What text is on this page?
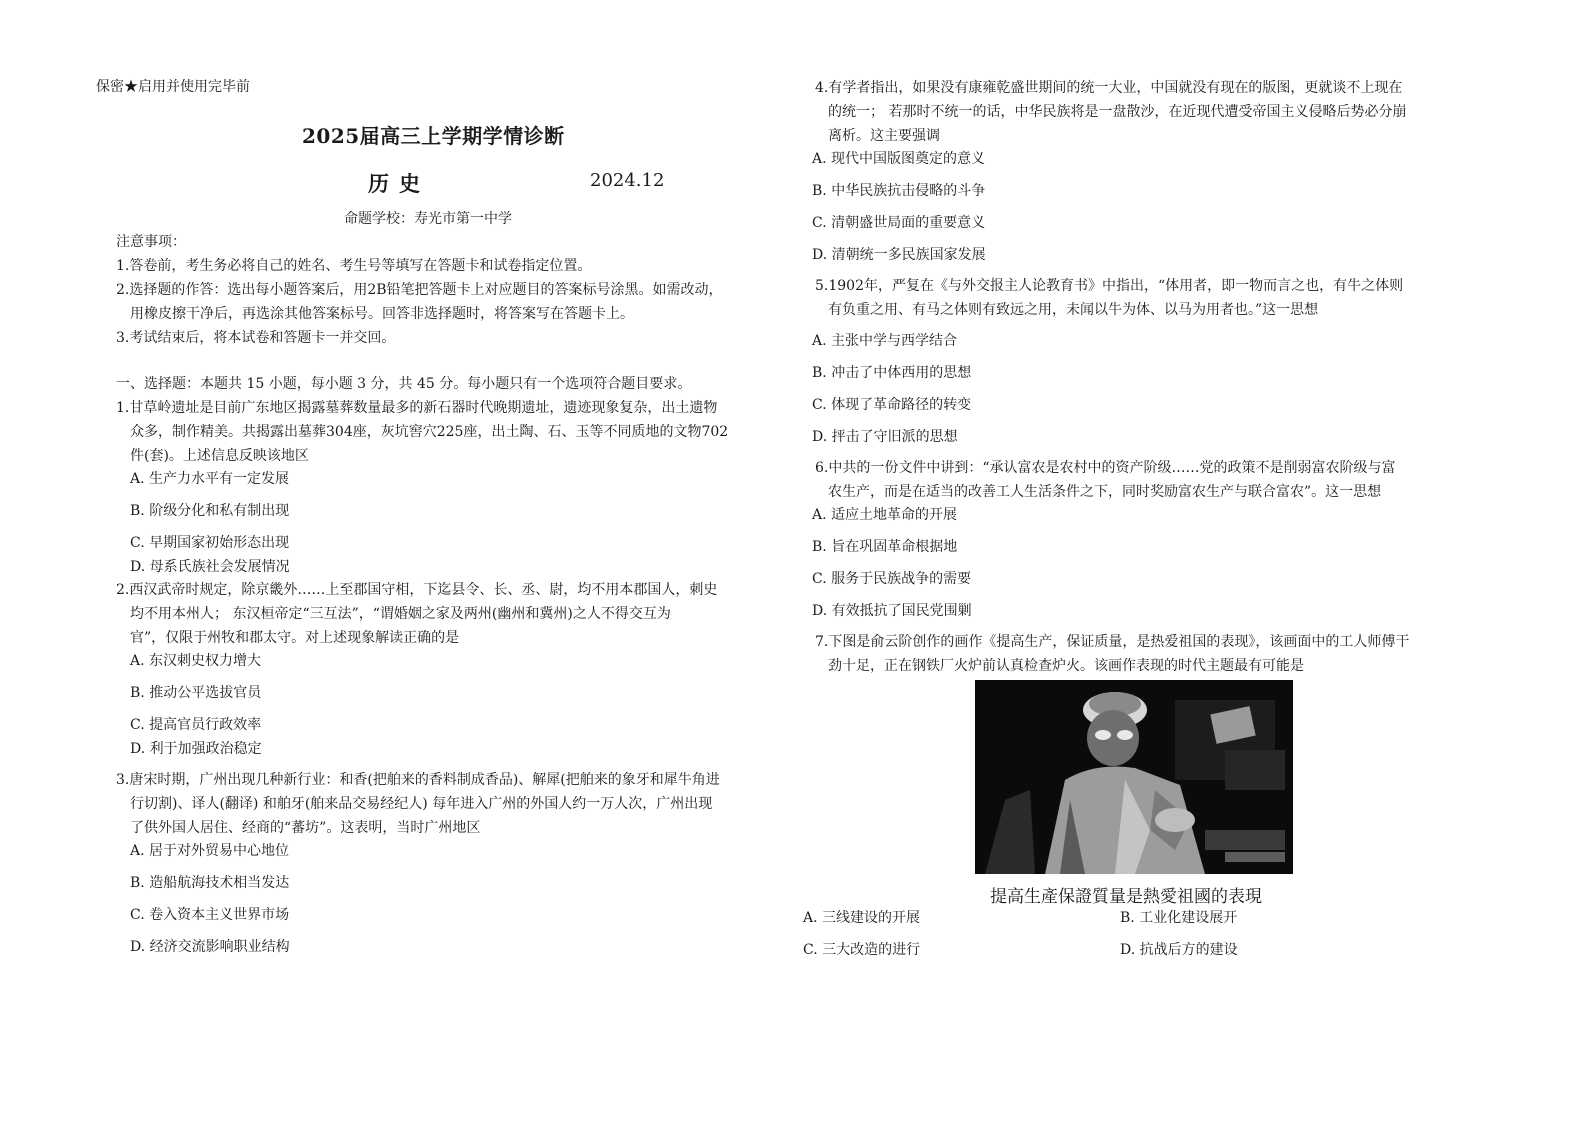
保密★启用并使用完毕前
2025届高三上学期学情诊断
历史	2024.12
命题学校：寿光市第一中学
注意事项：
1.答卷前，考生务必将自己的姓名、考生号等填写在答题卡和试卷指定位置。
2.选择题的作答：选出每小题答案后，用2B铅笔把答题卡上对应题目的答案标号涂黑。如需改动，
用橡皮擦干净后，再选涂其他答案标号。回答非选择题时，将答案写在答题卡上。
3.考试结束后，将本试卷和答题卡一并交回。
一、选择题：本题共 15 小题，每小题 3 分，共 45 分。每小题只有一个选项符合题目要求。
1.甘草岭遗址是目前广东地区揭露墓葬数量最多的新石器时代晚期遗址，遗迹现象复杂，出土遗物
众多，制作精美。共揭露出墓葬304座，灰坑窖穴225座，出土陶、石、玉等不同质地的文物702
件(套)。上述信息反映该地区
A. 生产力水平有一定发展
B. 阶级分化和私有制出现
C. 早期国家初始形态出现
D. 母系氏族社会发展情况
2.西汉武帝时规定，除京畿外……上至郡国守相，下迄县令、长、丞、尉，均不用本郡国人，刺史
均不用本州人； 东汉桓帝定“三互法”，“谓婚姻之家及两州(幽州和冀州)之人不得交互为
官”，仅限于州牧和郡太守。对上述现象解读正确的是
A. 东汉刺史权力增大
B. 推动公平选拔官员
C. 提高官员行政效率
D. 利于加强政治稳定
3.唐宋时期，广州出现几种新行业：和香(把舶来的香料制成香品)、解犀(把舶来的象牙和犀牛角进
行切割)、译人(翻译) 和舶牙(舶来品交易经纪人) 每年进入广州的外国人约一万人次，广州出现
了供外国人居住、经商的“蕃坊”。这表明，当时广州地区
A. 居于对外贸易中心地位
B. 造船航海技术相当发达
C. 卷入资本主义世界市场
D. 经济交流影响职业结构
4.有学者指出，如果没有康雍乾盛世期间的统一大业，中国就没有现在的版图，更就谈不上现在
的统一； 若那时不统一的话，中华民族将是一盘散沙，在近现代遭受帝国主义侵略后势必分崩
离析。这主要强调
A. 现代中国版图奠定的意义
B. 中华民族抗击侵略的斗争
C. 清朝盛世局面的重要意义
D. 清朝统一多民族国家发展
5.1902年，严复在《与外交报主人论教育书》中指出，“体用者，即一物而言之也，有牛之体则
有负重之用、有马之体则有致远之用，未闻以牛为体、以马为用者也。”这一思想
A. 主张中学与西学结合
B. 冲击了中体西用的思想
C. 体现了革命路径的转变
D. 抨击了守旧派的思想
6.中共的一份文件中讲到：“承认富农是农村中的资产阶级……党的政策不是削弱富农阶级与富
农生产，而是在适当的改善工人生活条件之下，同时奖励富农生产与联合富农”。这一思想
A. 适应土地革命的开展
B. 旨在巩固革命根据地
C. 服务于民族战争的需要
D. 有效抵抗了国民党围剿
7.下图是俞云阶创作的画作《提高生产，保证质量，是热爱祖国的表现》，该画面中的工人师傅干
劲十足，正在钢铁厂火炉前认真检查炉火。该画作表现的时代主题最有可能是
提高生產保證質量是熱愛祖國的表現
A. 三线建设的开展	B. 工业化建设展开
C. 三大改造的进行	D. 抗战后方的建设
